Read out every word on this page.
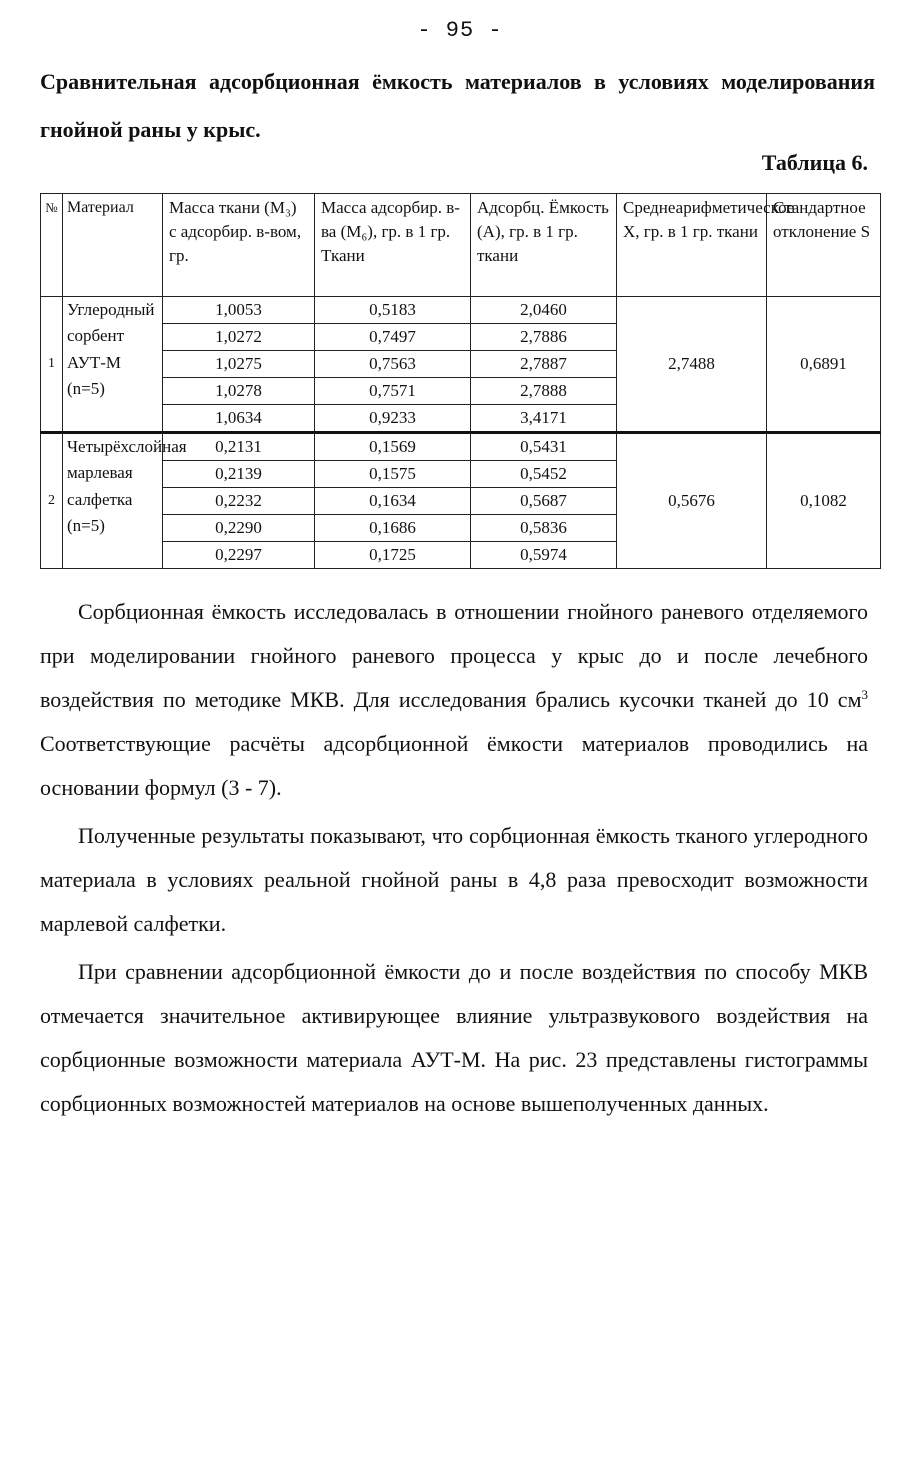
- 95 -
Сравнительная адсорбционная ёмкость материалов в условиях моделирования гнойной раны у крыс.
Таблица 6.
№	Материал	Масса ткани (М₃) с адсорбир. в-вом, гр.	Масса адсорбир. в-ва (М₆), гр. в 1 гр. Ткани	Адсорбц. Ёмкость (А), гр. в 1 гр. ткани	Среднеарифметическое Х, гр. в 1 гр. ткани	Стандартное отклонение S
1	Углеродный сорбент АУТ-М (n=5)	1,0053	0,5183	2,0460	2,7488	0,6891
		1,0272	0,7497	2,7886		
		1,0275	0,7563	2,7887		
		1,0278	0,7571	2,7888		
		1,0634	0,9233	3,4171		
2	Четырёхслойная марлевая салфетка (n=5)	0,2131	0,1569	0,5431	0,5676	0,1082
		0,2139	0,1575	0,5452		
		0,2232	0,1634	0,5687		
		0,2290	0,1686	0,5836		
		0,2297	0,1725	0,5974		

Сорбционная ёмкость исследовалась в отношении гнойного раневого отделяемого при моделировании гнойного раневого процесса у крыс до и после лечебного воздействия по методике МКВ. Для исследования брались кусочки тканей до 10 $см^3$  Соответствующие расчёты адсорбционной ёмкости материалов проводились на основании формул (3 - 7).

Полученные результаты показывают, что сорбционная ёмкость тканого углеродного материала в условиях реальной гнойной раны в 4,8 раза превосходит возможности марлевой салфетки.

При сравнении адсорбционной ёмкости до и после воздействия по способу МКВ отмечается значительное активирующее влияние ультразвукового воздействия на сорбционные возможности материала АУТ-М. На рис. 23 представлены гистограммы сорбционных возможностей материалов на основе вышеполученных данных.
